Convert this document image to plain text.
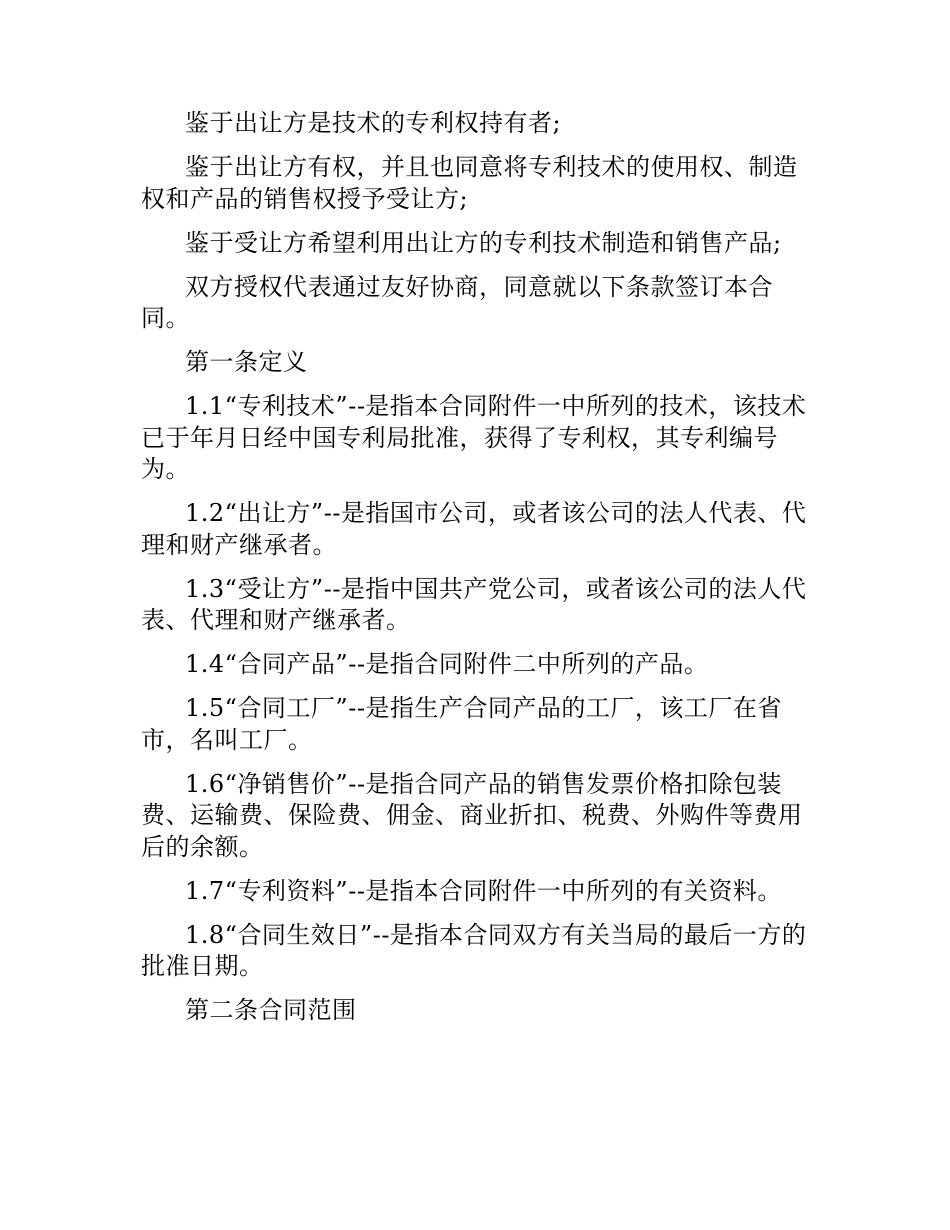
鉴于出让方是技术的专利权持有者;

鉴于出让方有权，并且也同意将专利技术的使用权、制造权和产品的销售权授予受让方;

鉴于受让方希望利用出让方的专利技术制造和销售产品;

双方授权代表通过友好协商，同意就以下条款签订本合同。

第一条定义

1.1“专利技术”--是指本合同附件一中所列的技术，该技术已于年月日经中国专利局批准，获得了专利权，其专利编号为。

1.2“出让方”--是指国市公司，或者该公司的法人代表、代理和财产继承者。

1.3“受让方”--是指中国共产党公司，或者该公司的法人代表、代理和财产继承者。

1.4“合同产品”--是指合同附件二中所列的产品。

1.5“合同工厂”--是指生产合同产品的工厂，该工厂在省市，名叫工厂。

1.6“净销售价”--是指合同产品的销售发票价格扣除包装费、运输费、保险费、佣金、商业折扣、税费、外购件等费用后的余额。

1.7“专利资料”--是指本合同附件一中所列的有关资料。

1.8“合同生效日”--是指本合同双方有关当局的最后一方的批准日期。

第二条合同范围
